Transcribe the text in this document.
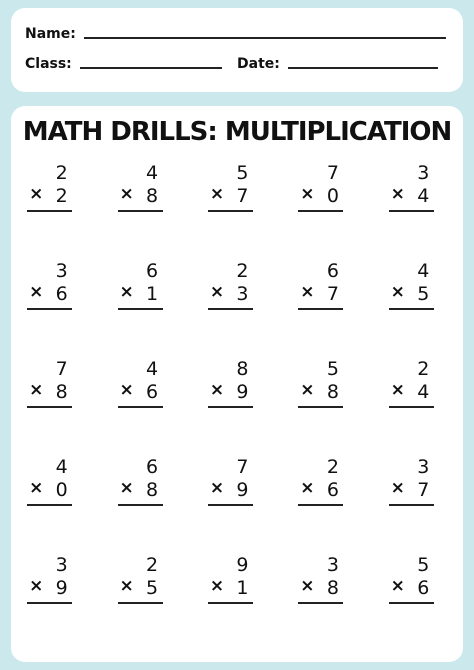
Name:
Class:	Date:
MATH DRILLS: MULTIPLICATION
2
× 2
4
× 8
5
× 7
7
× 0
3
× 4
3
× 6
6
× 1
2
× 3
6
× 7
4
× 5
7
× 8
4
× 6
8
× 9
5
× 8
2
× 4
4
× 0
6
× 8
7
× 9
2
× 6
3
× 7
3
× 9
2
× 5
9
× 1
3
× 8
5
× 6
